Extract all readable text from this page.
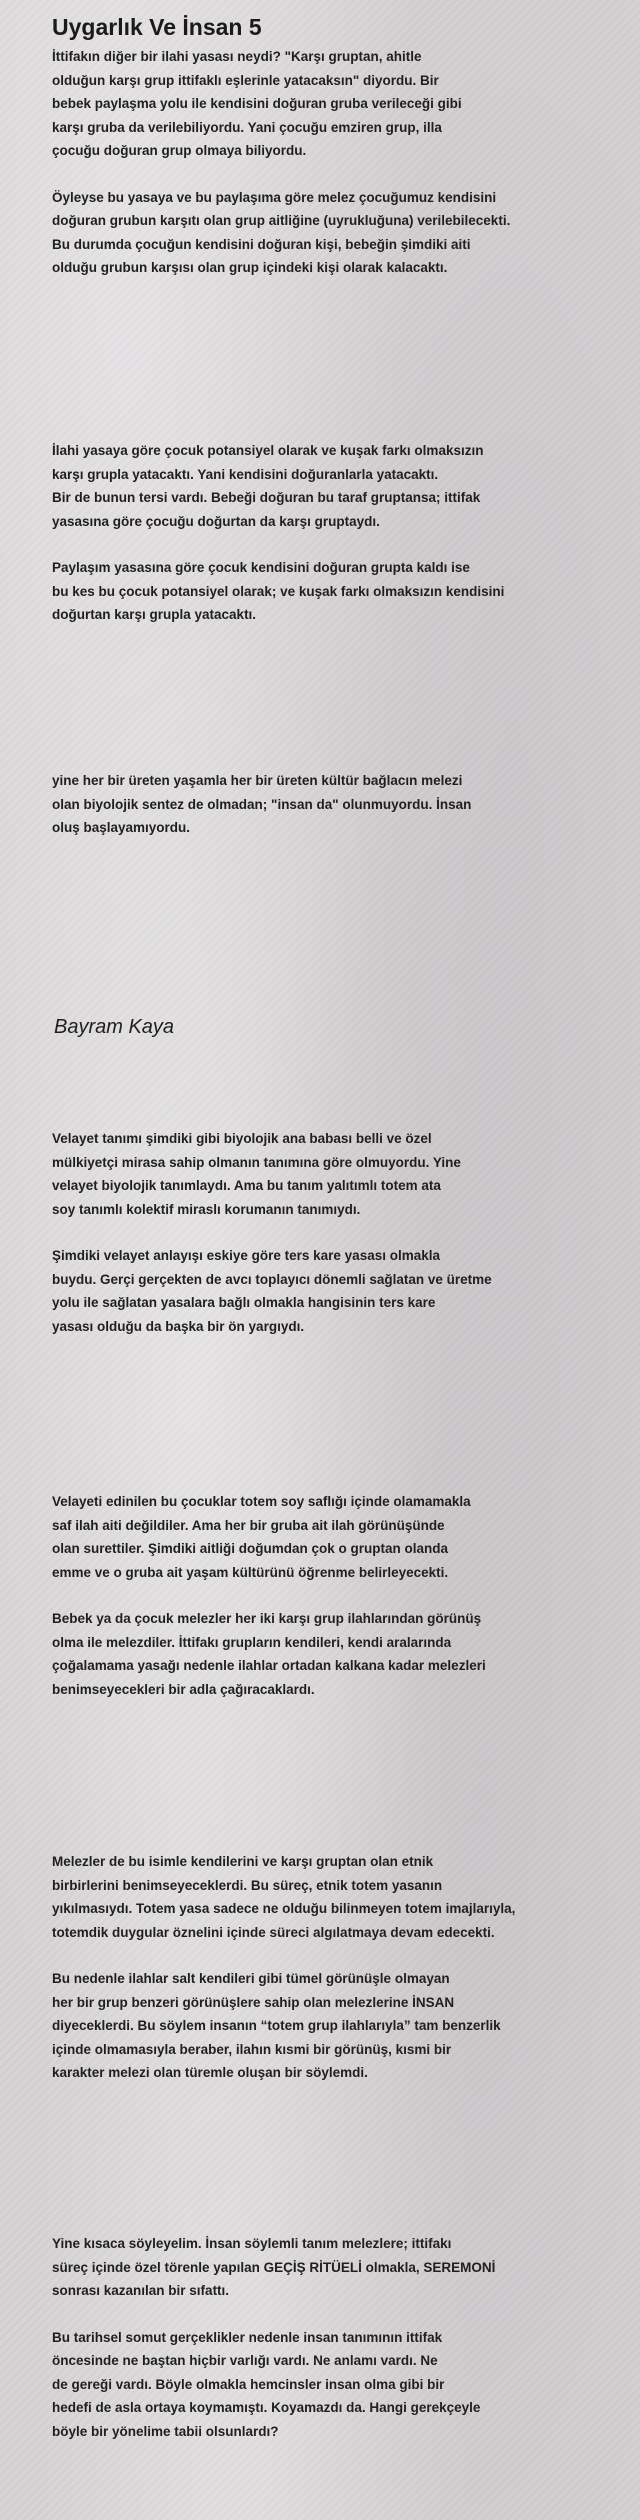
Uygarlık Ve İnsan 5

İttifakın diğer bir ilahi yasası neydi? "Karşı gruptan, ahitle
olduğun karşı grup ittifaklı eşlerinle yatacaksın" diyordu. Bir
bebek paylaşma yolu ile kendisini doğuran gruba verileceği gibi
karşı gruba da verilebiliyordu. Yani çocuğu emziren grup, illa
çocuğu doğuran grup olmaya biliyordu.

Öyleyse bu yasaya ve bu paylaşıma göre melez çocuğumuz kendisini
doğuran grubun karşıtı olan grup aitliğine (uyrukluğuna) verilebilecekti.
Bu durumda çocuğun kendisini doğuran kişi, bebeğin şimdiki aiti
olduğu grubun karşısı olan grup içindeki kişi olarak kalacaktı.

İlahi yasaya göre çocuk potansiyel olarak ve kuşak farkı olmaksızın
karşı grupla yatacaktı. Yani kendisini doğuranlarla yatacaktı.
Bir de bunun tersi vardı. Bebeği doğuran bu taraf gruptansa; ittifak
yasasına göre çocuğu doğurtan da karşı gruptaydı.

Paylaşım yasasına göre çocuk kendisini doğuran grupta kaldı ise
bu kes bu çocuk potansiyel olarak; ve kuşak farkı olmaksızın kendisini
doğurtan karşı grupla yatacaktı.

yine her bir üreten yaşamla her bir üreten kültür bağlacın melezi
olan biyolojik sentez de olmadan; "insan da" olunmuyordu. İnsan
oluş başlayamıyordu.

Bayram Kaya

Velayet tanımı şimdiki gibi biyolojik ana babası belli ve özel
mülkiyetçi mirasa sahip olmanın tanımına göre olmuyordu. Yine
velayet biyolojik tanımlaydı. Ama bu tanım yalıtımlı totem ata
soy tanımlı kolektif miraslı korumanın tanımıydı.

Şimdiki velayet anlayışı eskiye göre ters kare yasası olmakla
buydu. Gerçi gerçekten de avcı toplayıcı dönemli sağlatan ve üretme
yolu ile sağlatan yasalara bağlı olmakla hangisinin ters kare
yasası olduğu da başka bir ön yargıydı.

Velayeti edinilen bu çocuklar totem soy saflığı içinde olamamakla
saf ilah aiti değildiler. Ama her bir gruba ait ilah görünüşünde
olan surettiler. Şimdiki aitliği doğumdan çok o gruptan olanda
emme ve o gruba ait yaşam kültürünü öğrenme belirleyecekti.

Bebek ya da çocuk melezler her iki karşı grup ilahlarından görünüş
olma ile melezdiler. İttifakı grupların kendileri, kendi aralarında
çoğalamama yasağı nedenle ilahlar ortadan kalkana kadar melezleri
benimseyecekleri bir adla çağıracaklardı.

Melezler de bu isimle kendilerini ve karşı gruptan olan etnik
birbirlerini benimseyeceklerdi. Bu süreç, etnik totem yasanın
yıkılmasıydı. Totem yasa sadece ne olduğu bilinmeyen totem imajlarıyla,
totemdik duygular öznelini içinde süreci algılatmaya devam edecekti.

Bu nedenle ilahlar salt kendileri gibi tümel görünüşle olmayan
her bir grup benzeri görünüşlere sahip olan melezlerine İNSAN
diyeceklerdi. Bu söylem insanın “totem grup ilahlarıyla” tam benzerlik
içinde olmamasıyla beraber, ilahın kısmi bir görünüş, kısmi bir
karakter melezi olan türemle oluşan bir söylemdi.

Yine kısaca söyleyelim. İnsan söylemli tanım melezlere; ittifakı
süreç içinde özel törenle yapılan GEÇİŞ RİTÜELİ olmakla, SEREMONİ
sonrası kazanılan bir sıfattı.

Bu tarihsel somut gerçeklikler nedenle insan tanımının ittifak
öncesinde ne baştan hiçbir varlığı vardı. Ne anlamı vardı. Ne
de gereği vardı. Böyle olmakla hemcinsler insan olma gibi bir
hedefi de asla ortaya koymamıştı. Koyamazdı da. Hangi gerekçeyle
böyle bir yönelime tabii olsunlardı?
